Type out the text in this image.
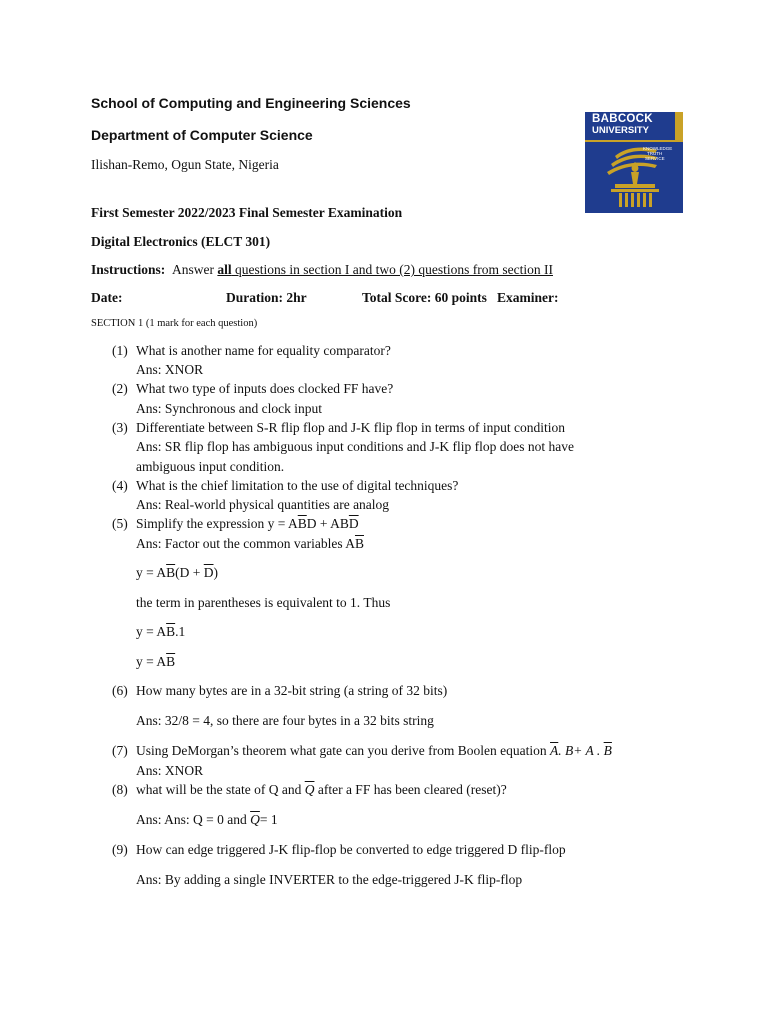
School of Computing and Engineering Sciences
Department of Computer Science
Ilishan-Remo, Ogun State, Nigeria
BABCOCK
UNIVERSITY
KNOWLEDGE
TRUTH
SERVICE
First Semester 2022/2023 Final Semester Examination
Digital Electronics (ELCT 301)
Instructions: Answer all questions in section I and two (2) questions from section II
Date:	Duration: 2hr	Total Score: 60 points Examiner:
SECTION 1 (1 mark for each question)
(1) What is another name for equality comparator?
Ans: XNOR
(2) What two type of inputs does clocked FF have?
Ans: Synchronous and clock input
(3) Differentiate between S-R flip flop and J-K flip flop in terms of input condition
Ans: SR flip flop has ambiguous input conditions and J-K flip flop does not have
ambiguous input condition.
(4) What is the chief limitation to the use of digital techniques?
Ans: Real-world physical quantities are analog
(5) Simplify the expression $y = A\overline{B}D + AB\overline{D}$
Ans: Factor out the common variables $A\overline{B}$
$y = A\overline{B}(D + \overline{D})$
the term in parentheses is equivalent to 1. Thus
$y = A\overline{B}.1$
$y = A\overline{B}$
(6) How many bytes are in a 32-bit string (a string of 32 bits)
Ans: 32/8 = 4, so there are four bytes in a 32 bits string
(7) Using DeMorgan’s theorem what gate can you derive from Boolen equation $\overline{A}$. B+ A . $\overline{B}$
Ans: XNOR
(8) what will be the state of Q and $\overline{Q}$ after a FF has been cleared (reset)?
Ans: Ans: Q = 0 and $\overline{Q}= 1$
(9) How can edge triggered J-K flip-flop be converted to edge triggered D flip-flop
Ans: By adding a single INVERTER to the edge-triggered J-K flip-flop
